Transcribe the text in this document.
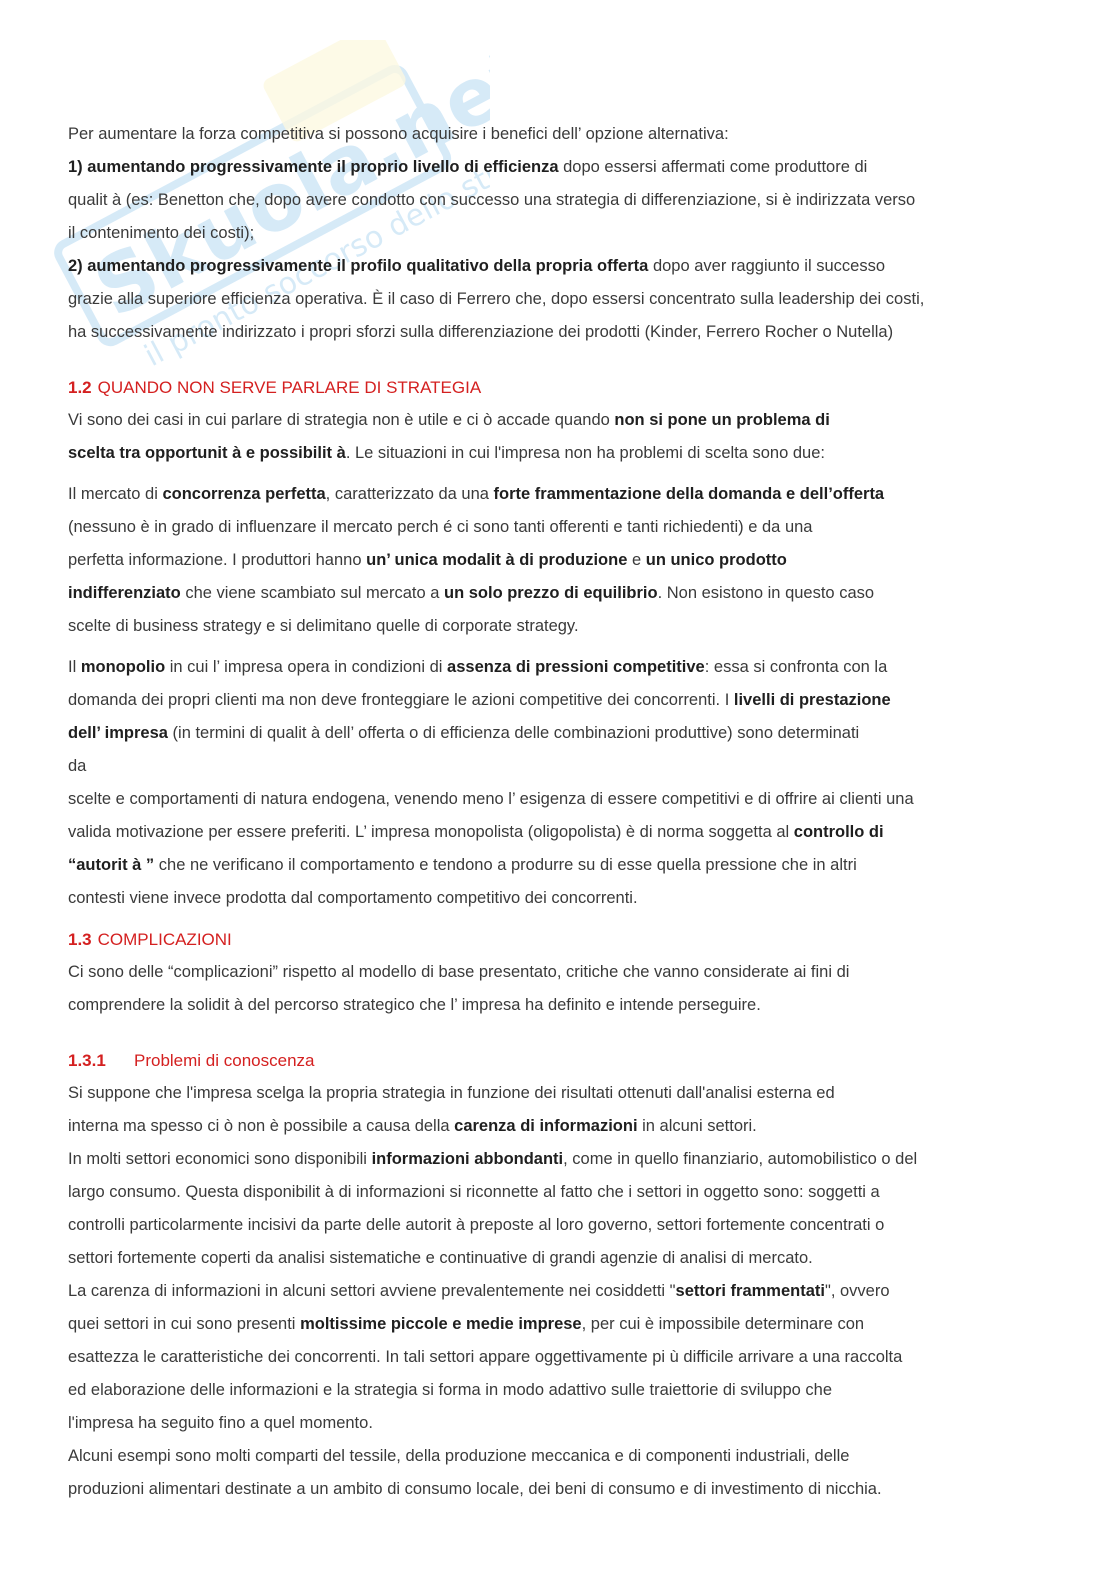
Skuola.net
il pronto soccorso dello studente

Per aumentare la forza competitiva si possono acquisire i benefici dell’ opzione alternativa:

1) aumentando progressivamente il proprio livello di efficienza dopo essersi affermati come produttore di

qualit à (es: Benetton che, dopo avere condotto con successo una strategia di differenziazione, si è indirizzata verso

il contenimento dei costi);

2) aumentando progressivamente il profilo qualitativo della propria offerta dopo aver raggiunto il successo

grazie alla superiore efficienza operativa. È il caso di Ferrero che, dopo essersi concentrato sulla leadership dei costi,

ha successivamente indirizzato i propri sforzi sulla differenziazione dei prodotti (Kinder, Ferrero Rocher o Nutella)

1.2 QUANDO NON SERVE PARLARE DI STRATEGIA

Vi sono dei casi in cui parlare di strategia non è utile e ci ò accade quando non si pone un problema di

scelta tra opportunit à e possibilit à. Le situazioni in cui l'impresa non ha problemi di scelta sono due:

Il mercato di concorrenza perfetta, caratterizzato da una forte frammentazione della domanda e dell’offerta

(nessuno è in grado di influenzare il mercato perch é ci sono tanti offerenti e tanti richiedenti) e da una

perfetta informazione. I produttori hanno un’ unica modalit à di produzione e un unico prodotto

indifferenziato che viene scambiato sul mercato a un solo prezzo di equilibrio. Non esistono in questo caso

scelte di business strategy e si delimitano quelle di corporate strategy.

Il monopolio in cui l’ impresa opera in condizioni di assenza di pressioni competitive: essa si confronta con la

domanda dei propri clienti ma non deve fronteggiare le azioni competitive dei concorrenti. I livelli di prestazione

dell’ impresa (in termini di qualit à dell’ offerta o di efficienza delle combinazioni produttive) sono determinati

da

scelte e comportamenti di natura endogena, venendo meno l’ esigenza di essere competitivi e di offrire ai clienti una

valida motivazione per essere preferiti. L’ impresa monopolista (oligopolista) è di norma soggetta al controllo di

“autorit à ” che ne verificano il comportamento e tendono a produrre su di esse quella pressione che in altri

contesti viene invece prodotta dal comportamento competitivo dei concorrenti.

1.3 COMPLICAZIONI

Ci sono delle “complicazioni” rispetto al modello di base presentato, critiche che vanno considerate ai fini di

comprendere la solidit à del percorso strategico che l’ impresa ha definito e intende perseguire.

1.3.1 Problemi di conoscenza

Si suppone che l'impresa scelga la propria strategia in funzione dei risultati ottenuti dall'analisi esterna ed

interna ma spesso ci ò non è possibile a causa della carenza di informazioni in alcuni settori.

In molti settori economici sono disponibili informazioni abbondanti, come in quello finanziario, automobilistico o del

largo consumo. Questa disponibilit à di informazioni si riconnette al fatto che i settori in oggetto sono: soggetti a

controlli particolarmente incisivi da parte delle autorit à preposte al loro governo, settori fortemente concentrati o

settori fortemente coperti da analisi sistematiche e continuative di grandi agenzie di analisi di mercato.

La carenza di informazioni in alcuni settori avviene prevalentemente nei cosiddetti "settori frammentati", ovvero

quei settori in cui sono presenti moltissime piccole e medie imprese, per cui è impossibile determinare con

esattezza le caratteristiche dei concorrenti. In tali settori appare oggettivamente pi ù difficile arrivare a una raccolta

ed elaborazione delle informazioni e la strategia si forma in modo adattivo sulle traiettorie di sviluppo che

l'impresa ha seguito fino a quel momento.

Alcuni esempi sono molti comparti del tessile, della produzione meccanica e di componenti industriali, delle

produzioni alimentari destinate a un ambito di consumo locale, dei beni di consumo e di investimento di nicchia.
